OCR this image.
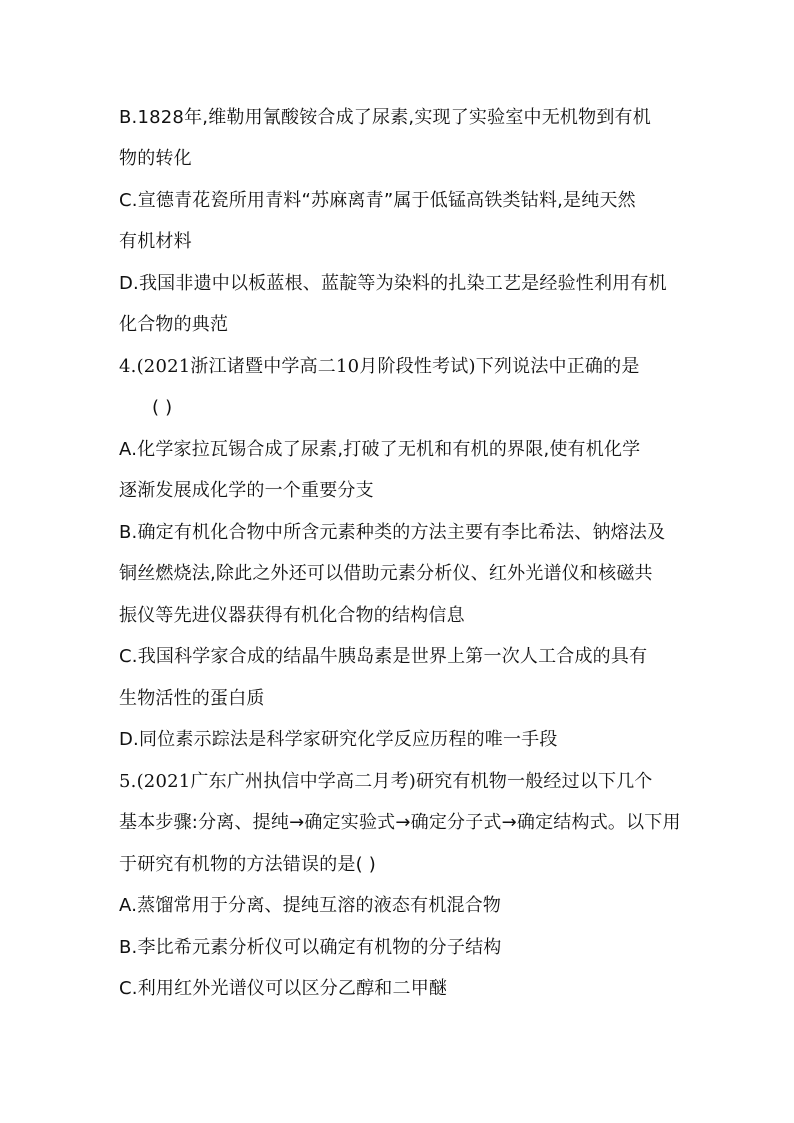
B.1828年,维勒用氰酸铵合成了尿素,实现了实验室中无机物到有机
物的转化
C.宣德青花瓷所用青料“苏麻离青”属于低锰高铁类钴料,是纯天然
有机材料
D.我国非遗中以板蓝根、蓝靛等为染料的扎染工艺是经验性利用有机
化合物的典范
4.(2021浙江诸暨中学高二10月阶段性考试)下列说法中正确的是
( )
A.化学家拉瓦锡合成了尿素,打破了无机和有机的界限,使有机化学
逐渐发展成化学的一个重要分支
B.确定有机化合物中所含元素种类的方法主要有李比希法、钠熔法及
铜丝燃烧法,除此之外还可以借助元素分析仪、红外光谱仪和核磁共
振仪等先进仪器获得有机化合物的结构信息
C.我国科学家合成的结晶牛胰岛素是世界上第一次人工合成的具有
生物活性的蛋白质
D.同位素示踪法是科学家研究化学反应历程的唯一手段
5.(2021广东广州执信中学高二月考)研究有机物一般经过以下几个
基本步骤:分离、提纯→确定实验式→确定分子式→确定结构式。以下用
于研究有机物的方法错误的是( )
A.蒸馏常用于分离、提纯互溶的液态有机混合物
B.李比希元素分析仪可以确定有机物的分子结构
C.利用红外光谱仪可以区分乙醇和二甲醚
